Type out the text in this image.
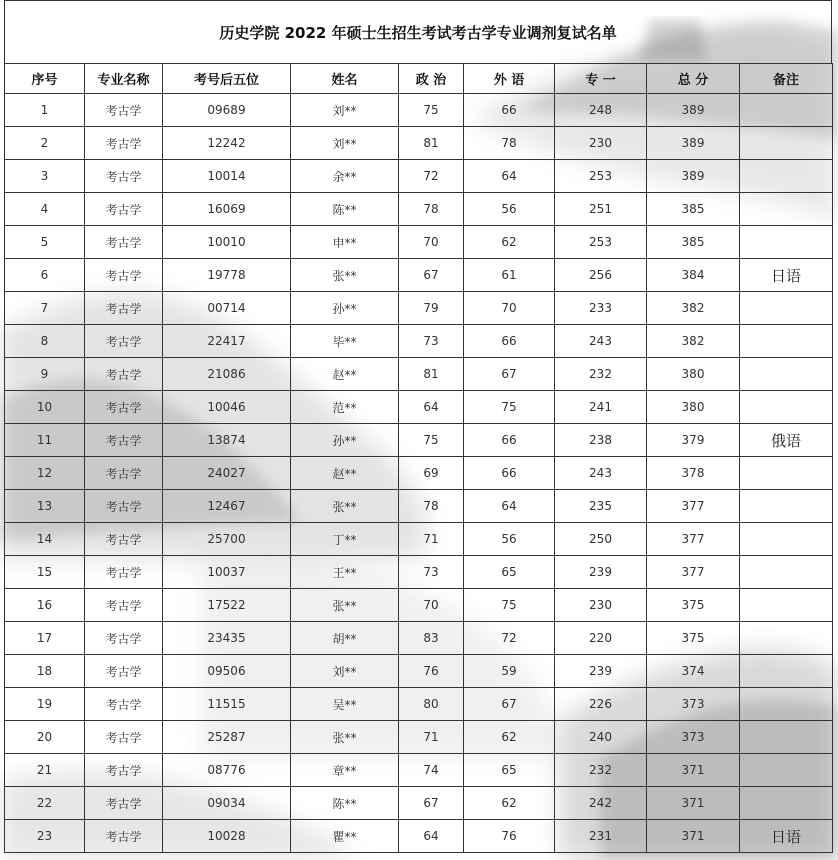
历史学院 2022 年硕士生招生考试考古学专业调剂复试名单
序号	专业名称	考号后五位	姓名	政 治	外 语	专 一	总 分	备注
1	考古学	09689	刘**	75	66	248	389	
2	考古学	12242	刘**	81	78	230	389	
3	考古学	10014	余**	72	64	253	389	
4	考古学	16069	陈**	78	56	251	385	
5	考古学	10010	申**	70	62	253	385	
6	考古学	19778	张**	67	61	256	384	日语
7	考古学	00714	孙**	79	70	233	382	
8	考古学	22417	毕**	73	66	243	382	
9	考古学	21086	赵**	81	67	232	380	
10	考古学	10046	范**	64	75	241	380	
11	考古学	13874	孙**	75	66	238	379	俄语
12	考古学	24027	赵**	69	66	243	378	
13	考古学	12467	张**	78	64	235	377	
14	考古学	25700	丁**	71	56	250	377	
15	考古学	10037	王**	73	65	239	377	
16	考古学	17522	张**	70	75	230	375	
17	考古学	23435	胡**	83	72	220	375	
18	考古学	09506	刘**	76	59	239	374	
19	考古学	11515	吴**	80	67	226	373	
20	考古学	25287	张**	71	62	240	373	
21	考古学	08776	章**	74	65	232	371	
22	考古学	09034	陈**	67	62	242	371	
23	考古学	10028	瞿**	64	76	231	371	日语
